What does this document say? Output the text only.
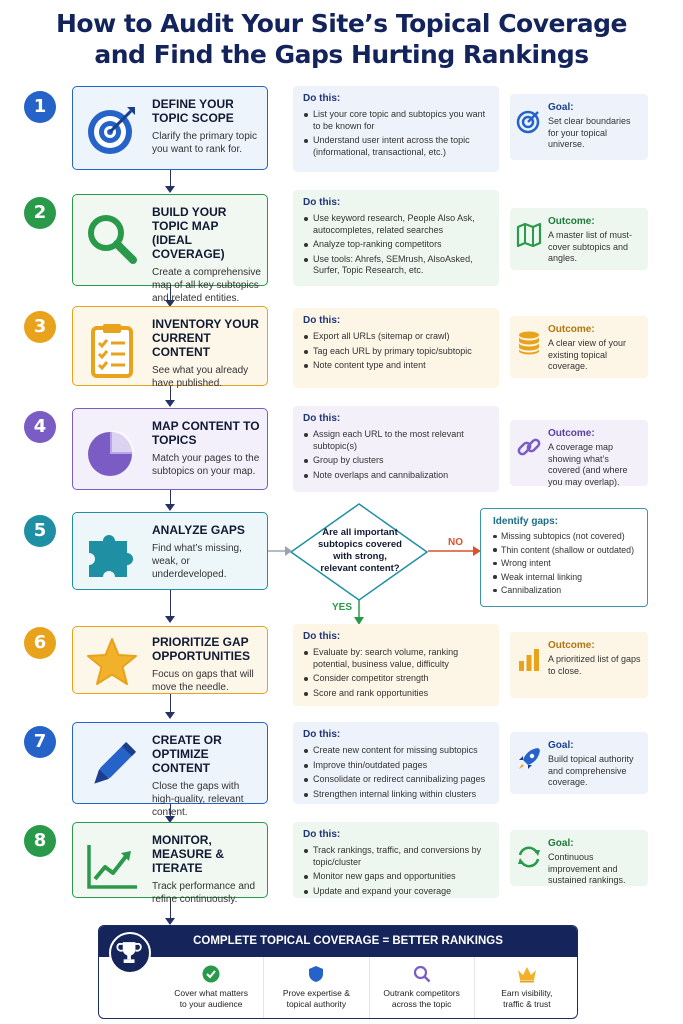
How to Audit Your Site’s Topical Coverage
and Find the Gaps Hurting Rankings
1	DEFINE YOUR TOPIC SCOPE

Clarify the primary topic you want to rank for.

Do this:
List your core topic and subtopics you want to be known for
Understand user intent across the topic (informational, transactional, etc.)
Goal:

Set clear boundaries for your topical universe.

2	BUILD YOUR TOPIC MAP (IDEAL COVERAGE)

Create a comprehensive map of all key subtopics and related entities.

Do this:
Use keyword research, People Also Ask, autocompletes, related searches
Analyze top-ranking competitors
Use tools: Ahrefs, SEMrush, AlsoAsked, Surfer, Topic Research, etc.
Outcome:

A master list of must-cover subtopics and angles.

3	INVENTORY YOUR CURRENT CONTENT

See what you already have published.

Do this:
Export all URLs (sitemap or crawl)
Tag each URL by primary topic/subtopic
Note content type and intent
Outcome:

A clear view of your existing topical coverage.

4	MAP CONTENT TO TOPICS

Match your pages to the subtopics on your map.

Do this:
Assign each URL to the most relevant subtopic(s)
Group by clusters
Note overlaps and cannibalization
Outcome:

A coverage map showing what’s covered (and where you may overlap).

5	ANALYZE GAPS

Find what’s missing, weak, or underdeveloped.

Are all important subtopics covered with strong, relevant content?
NO
YES
Identify gaps:
Missing subtopics (not covered)
Thin content (shallow or outdated)
Wrong intent
Weak internal linking
Cannibalization
6	PRIORITIZE GAP OPPORTUNITIES

Focus on gaps that will move the needle.

Do this:
Evaluate by: search volume, ranking potential, business value, difficulty
Consider competitor strength
Score and rank opportunities
Outcome:

A prioritized list of gaps to close.

7	CREATE OR OPTIMIZE CONTENT

Close the gaps with high-quality, relevant content.

Do this:
Create new content for missing subtopics
Improve thin/outdated pages
Consolidate or redirect cannibalizing pages
Strengthen internal linking within clusters
Goal:

Build topical authority and comprehensive coverage.

8	MONITOR, MEASURE & ITERATE

Track performance and refine continuously.

Do this:
Track rankings, traffic, and conversions by topic/cluster
Monitor new gaps and opportunities
Update and expand your coverage
Goal:

Continuous improvement and sustained rankings.

COMPLETE TOPICAL COVERAGE = BETTER RANKINGS
Cover what matters
to your audience
Prove expertise &
topical authority
Outrank competitors
across the topic
Earn visibility,
traffic & trust
